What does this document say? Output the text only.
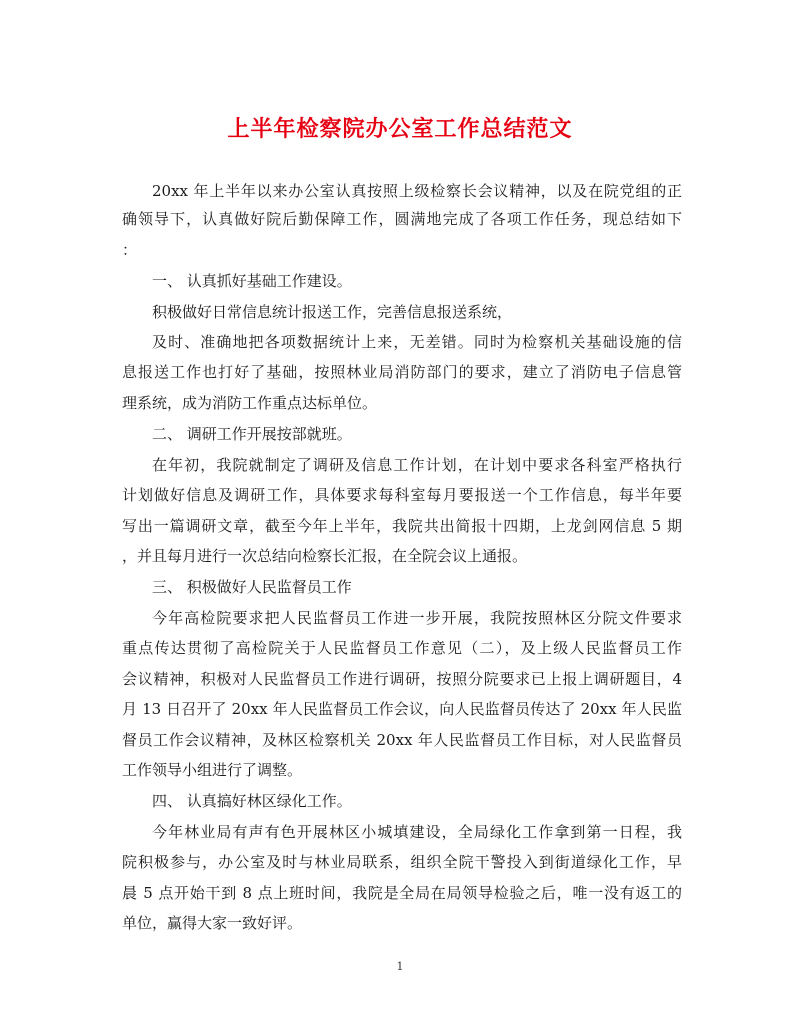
上半年检察院办公室工作总结范文
20xx 年上半年以来办公室认真按照上级检察长会议精神，以及在院党组的正
确领导下，认真做好院后勤保障工作，圆满地完成了各项工作任务，现总结如下
：
一、 认真抓好基础工作建设。
积极做好日常信息统计报送工作，完善信息报送系统，
及时、准确地把各项数据统计上来，无差错。同时为检察机关基础设施的信
息报送工作也打好了基础，按照林业局消防部门的要求，建立了消防电子信息管
理系统，成为消防工作重点达标单位。
二、 调研工作开展按部就班。
在年初，我院就制定了调研及信息工作计划，在计划中要求各科室严格执行
计划做好信息及调研工作，具体要求每科室每月要报送一个工作信息，每半年要
写出一篇调研文章，截至今年上半年，我院共出简报十四期，上龙剑网信息 5 期
，并且每月进行一次总结向检察长汇报，在全院会议上通报。
三、 积极做好人民监督员工作
今年高检院要求把人民监督员工作进一步开展，我院按照林区分院文件要求
重点传达贯彻了高检院关于人民监督员工作意见（二），及上级人民监督员工作
会议精神，积极对人民监督员工作进行调研，按照分院要求已上报上调研题目，4
月 13 日召开了 20xx 年人民监督员工作会议，向人民监督员传达了 20xx 年人民监
督员工作会议精神，及林区检察机关 20xx 年人民监督员工作目标，对人民监督员
工作领导小组进行了调整。
四、 认真搞好林区绿化工作。
今年林业局有声有色开展林区小城填建设，全局绿化工作拿到第一日程，我
院积极参与，办公室及时与林业局联系，组织全院干警投入到街道绿化工作，早
晨 5 点开始干到 8 点上班时间，我院是全局在局领导检验之后，唯一没有返工的
单位，赢得大家一致好评。
1
